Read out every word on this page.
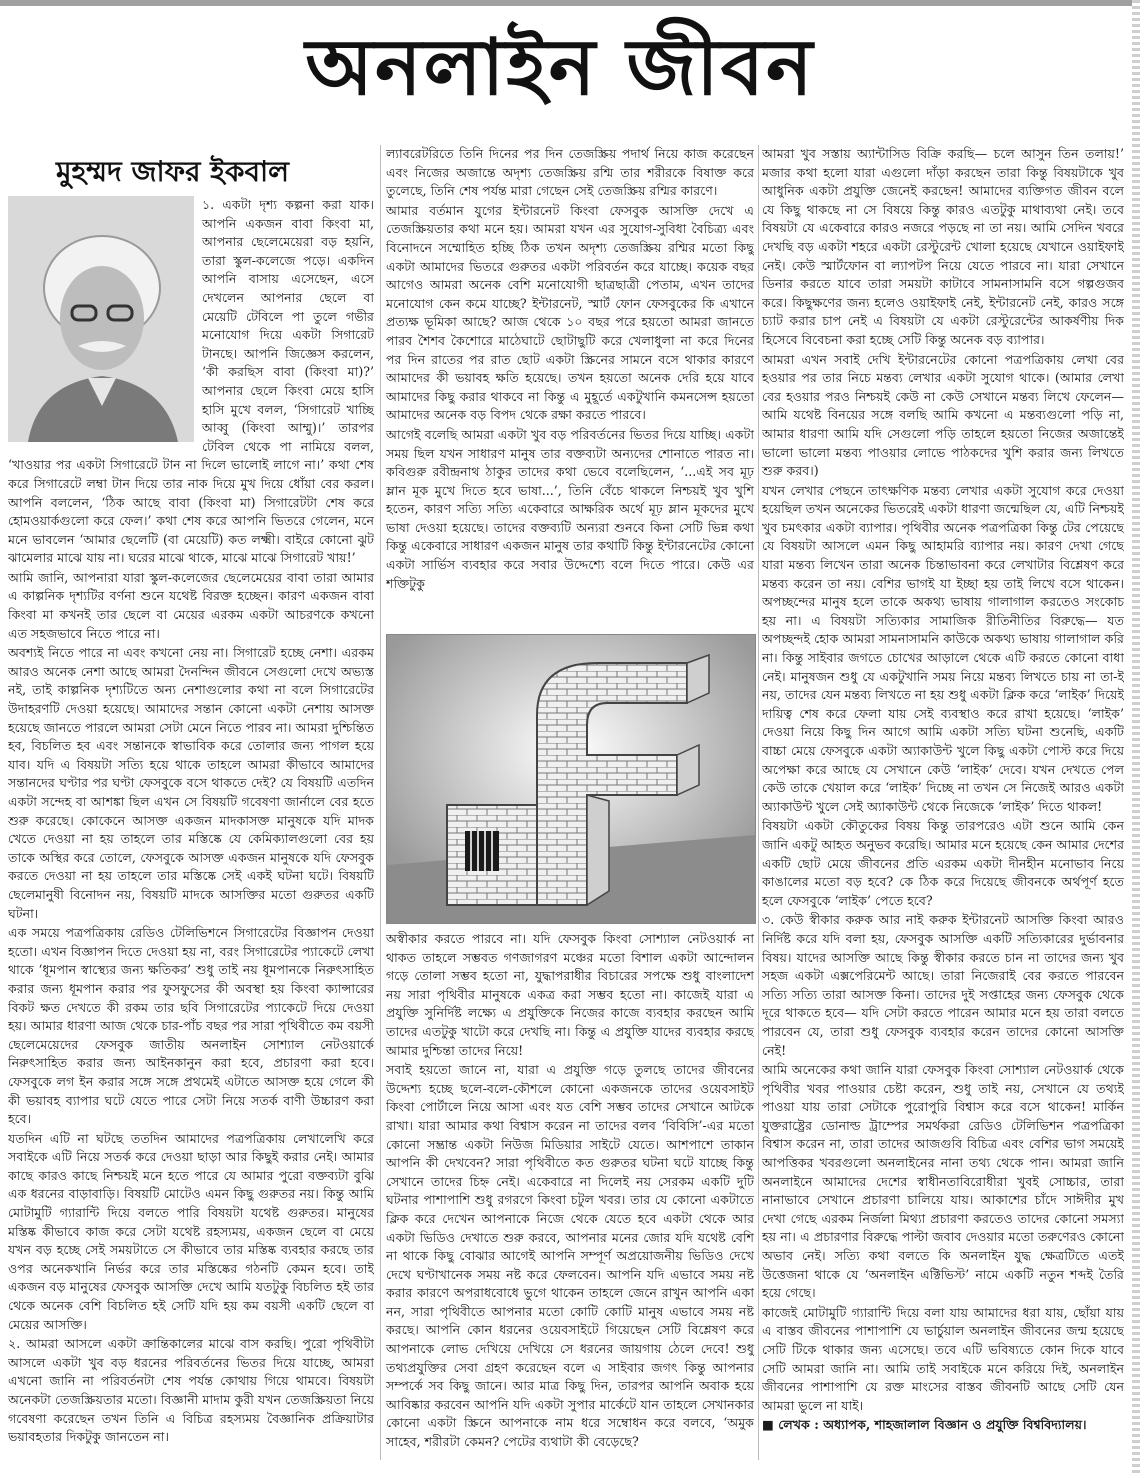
অনলাইন জীবন
মুহম্মদ জাফর ইকবাল

১. একটা দৃশ্য কল্পনা করা যাক। আপনি একজন বাবা কিংবা মা, আপনার ছেলেমেয়েরা বড় হয়নি, তারা স্কুল-কলেজে পড়ে। একদিন আপনি বাসায় এসেছেন, এসে দেখলেন আপনার ছেলে বা মেয়েটি টেবিলে পা তুলে গভীর মনোযোগ দিয়ে একটা সিগারেট টানছে। আপনি জিজ্ঞেস করলেন, ‘কী করছিস বাবা (কিংবা মা)?’ আপনার ছেলে কিংবা মেয়ে হাসি হাসি মুখে বলল, ‘সিগারেট খাচ্ছি আব্বু (কিংবা আম্মু)।’ তারপর টেবিল থেকে পা নামিয়ে বলল, ‘খাওয়ার পর একটা সিগারেটে টান না দিলে ভালোই লাগে না।’ কথা শেষ করে সিগারেটে লম্বা টান দিয়ে তার নাক দিয়ে মুখ দিয়ে ধোঁয়া বের করল। আপনি বললেন, ‘ঠিক আছে বাবা (কিংবা মা) সিগারেটটা শেষ করে হোমওয়ার্কগুলো করে ফেল।’ কথা শেষ করে আপনি ভিতরে গেলেন, মনে মনে ভাবলেন ‘আমার ছেলেটি (বা মেয়েটি) কত লক্ষ্মী। বাইরে কোনো ঝুট ঝামেলার মাঝে যায় না। ঘরের মাঝে থাকে, মাঝে মাঝে সিগারেট খায়!’

আমি জানি, আপনারা যারা স্কুল-কলেজের ছেলেমেয়ের বাবা তারা আমার এ কাল্পনিক দৃশ্যটির বর্ণনা শুনে যথেষ্ট বিরক্ত হচ্ছেন। কারণ একজন বাবা কিংবা মা কখনই তার ছেলে বা মেয়ের এরকম একটা আচরণকে কখনো এত সহজভাবে নিতে পারে না।

অবশ্যই নিতে পারে না এবং কখনো নেয় না। সিগারেট হচ্ছে নেশা। এরকম আরও অনেক নেশা আছে আমরা দৈনন্দিন জীবনে সেগুলো দেখে অভ্যস্ত নই, তাই কাল্পনিক দৃশ্যটিতে অন্য নেশাগুলোর কথা না বলে সিগারেটের উদাহরণটি দেওয়া হয়েছে। আমাদের সন্তান কোনো একটা নেশায় আসক্ত হয়েছে জানতে পারলে আমরা সেটা মেনে নিতে পারব না। আমরা দুশ্চিন্তিত হব, বিচলিত হব এবং সন্তানকে স্বাভাবিক করে তোলার জন্য পাগল হয়ে যাব। যদি এ বিষয়টা সত্যি হয়ে থাকে তাহলে আমরা কীভাবে আমাদের সন্তানদের ঘণ্টার পর ঘণ্টা ফেসবুকে বসে থাকতে দেই? যে বিষয়টি এতদিন একটা সন্দেহ বা আশঙ্কা ছিল এখন সে বিষয়টি গবেষণা জার্নালে বের হতে শুরু করেছে। কোকেনে আসক্ত একজন মাদকাসক্ত মানুষকে যদি মাদক খেতে দেওয়া না হয় তাহলে তার মস্তিষ্কে যে কেমিক্যালগুলো বের হয় তাকে অস্থির করে তোলে, ফেসবুকে আসক্ত একজন মানুষকে যদি ফেসবুক করতে দেওয়া না হয় তাহলে তার মস্তিষ্কে সেই একই ঘটনা ঘটে। বিষয়টি ছেলেমানুষী বিনোদন নয়, বিষয়টি মাদকে আসক্তির মতো গুরুতর একটি ঘটনা।

এক সময়ে পত্রপত্রিকায় রেডিও টেলিভিশনে সিগারেটের বিজ্ঞাপন দেওয়া হতো। এখন বিজ্ঞাপন দিতে দেওয়া হয় না, বরং সিগারেটের প্যাকেটে লেখা থাকে ‘ধূমপান স্বাস্থ্যের জন্য ক্ষতিকর’ শুধু তাই নয় ধূমপানকে নিরুৎসাহিত করার জন্য ধূমপান করার পর ফুসফুসের কী অবস্থা হয় কিংবা ক্যান্সারের বিকট ক্ষত দেখতে কী রকম তার ছবি সিগারেটের প্যাকেটে দিয়ে দেওয়া হয়। আমার ধারণা আজ থেকে চার-পাঁচ বছর পর সারা পৃথিবীতে কম বয়সী ছেলেমেয়েদের ফেসবুক জাতীয় অনলাইন সোশ্যাল নেটওয়ার্কে নিরুৎসাহিত করার জন্য আইনকানুন করা হবে, প্রচারণা করা হবে। ফেসবুকে লগ ইন করার সঙ্গে সঙ্গে প্রথমেই এটাতে আসক্ত হয়ে গেলে কী কী ভয়াবহ ব্যাপার ঘটে যেতে পারে সেটা নিয়ে সতর্ক বাণী উচ্চারণ করা হবে।

যতদিন এটি না ঘটছে ততদিন আমাদের পত্রপত্রিকায় লেখালেখি করে সবাইকে এটি নিয়ে সতর্ক করে দেওয়া ছাড়া আর কিছুই করার নেই। আমার কাছে কারও কাছে নিশ্চয়ই মনে হতে পারে যে আমার পুরো বক্তব্যটা বুঝি এক ধরনের বাড়াবাড়ি। বিষয়টি মোটেও এমন কিছু গুরুতর নয়। কিন্তু আমি মোটামুটি গ্যারান্টি দিয়ে বলতে পারি বিষয়টা যথেষ্ট গুরুতর। মানুষের মস্তিষ্ক কীভাবে কাজ করে সেটা যথেষ্ট রহস্যময়, একজন ছেলে বা মেয়ে যখন বড় হচ্ছে সেই সময়টাতে সে কীভাবে তার মস্তিষ্ক ব্যবহার করছে তার ওপর অনেকখানি নির্ভর করে তার মস্তিষ্কের গঠনটি কেমন হবে। তাই একজন বড় মানুষের ফেসবুক আসক্তি দেখে আমি যতটুকু বিচলিত হই তার থেকে অনেক বেশি বিচলিত হই সেটি যদি হয় কম বয়সী একটি ছেলে বা মেয়ের আসক্তি।

২. আমরা আসলে একটা ক্রান্তিকালের মাঝে বাস করছি। পুরো পৃথিবীটা আসলে একটা খুব বড় ধরনের পরিবর্তনের ভিতর দিয়ে যাচ্ছে, আমরা এখনো জানি না পরিবর্তনটা শেষ পর্যন্ত কোথায় গিয়ে থামবে। বিষয়টা অনেকটা তেজস্ক্রিয়তার মতো। বিজ্ঞানী মাদাম কুরী যখন তেজস্ক্রিয়তা নিয়ে গবেষণা করেছেন তখন তিনি এ বিচিত্র রহস্যময় বৈজ্ঞানিক প্রক্রিয়াটার ভয়াবহতার দিকটুকু জানতেন না।

ল্যাবরেটরিতে তিনি দিনের পর দিন তেজস্ক্রিয় পদার্থ নিয়ে কাজ করেছেন এবং নিজের অজান্তে অদৃশ্য তেজস্ক্রিয় রশ্মি তার শরীরকে বিষাক্ত করে তুলেছে, তিনি শেষ পর্যন্ত মারা গেছেন সেই তেজস্ক্রিয় রশ্মির কারণে।

আমার বর্তমান যুগের ইন্টারনেট কিংবা ফেসবুক আসক্তি দেখে এ তেজস্ক্রিয়তার কথা মনে হয়। আমরা যখন এর সুযোগ-সুবিধা বৈচিত্র্য এবং বিনোদনে সম্মোহিত হচ্ছি ঠিক তখন অদৃশ্য তেজস্ক্রিয় রশ্মির মতো কিছু একটা আমাদের ভিতরে গুরুতর একটা পরিবর্তন করে যাচ্ছে। কয়েক বছর আগেও আমরা অনেক বেশি মনোযোগী ছাত্রছাত্রী পেতাম, এখন তাদের মনোযোগ কেন কমে যাচ্ছে? ইন্টারনেট, স্মার্ট ফোন ফেসবুকের কি এখানে প্রত্যক্ষ ভূমিকা আছে? আজ থেকে ১০ বছর পরে হয়তো আমরা জানতে পারব শৈশব কৈশোরে মাঠেঘাটে ছোটাছুটি করে খেলাধুলা না করে দিনের পর দিন রাতের পর রাত ছোট একটা স্ক্রিনের সামনে বসে থাকার কারণে আমাদের কী ভয়াবহ ক্ষতি হয়েছে। তখন হয়তো অনেক দেরি হয়ে যাবে আমাদের কিছু করার থাকবে না কিন্তু এ মুহূর্তে একটুখানি কমনসেন্স হয়তো আমাদের অনেক বড় বিপদ থেকে রক্ষা করতে পারবে।

আগেই বলেছি আমরা একটা খুব বড় পরিবর্তনের ভিতর দিয়ে যাচ্ছি। একটা সময় ছিল যখন সাধারণ মানুষ তার বক্তব্যটা অন্যদের শোনাতে পারত না। কবিগুরু রবীন্দ্রনাথ ঠাকুর তাদের কথা ভেবে বলেছিলেন, ‘...এই সব মূঢ় ম্লান মূক মুখে দিতে হবে ভাষা...’, তিনি বেঁচে থাকলে নিশ্চয়ই খুব খুশি হতেন, কারণ সত্যি সত্যি একেবারে আক্ষরিক অর্থে মূঢ় ম্লান মূকদের মুখে ভাষা দেওয়া হয়েছে। তাদের বক্তব্যটি অন্যরা শুনবে কিনা সেটি ভিন্ন কথা কিন্তু একেবারে সাধারণ একজন মানুষ তার কথাটি কিন্তু ইন্টারনেটের কোনো একটা সার্ভিস ব্যবহার করে সবার উদ্দেশ্যে বলে দিতে পারে। কেউ এর শক্তিটুকু

অস্বীকার করতে পারবে না। যদি ফেসবুক কিংবা সোশ্যাল নেটওয়ার্ক না থাকত তাহলে সম্ভবত গণজাগরণ মঞ্চের মতো বিশাল একটা আন্দোলন গড়ে তোলা সম্ভব হতো না, যুদ্ধাপরাধীর বিচারের সপক্ষে শুধু বাংলাদেশ নয় সারা পৃথিবীর মানুষকে একত্র করা সম্ভব হতো না। কাজেই যারা এ প্রযুক্তি সুনির্দিষ্ট লক্ষ্যে এ প্রযুক্তিকে নিজের কাজে ব্যবহার করছেন আমি তাদের এতটুকু খাটো করে দেখছি না। কিন্তু এ প্রযুক্তি যাদের ব্যবহার করছে আমার দুশ্চিন্তা তাদের নিয়ে!

সবাই হয়তো জানে না, যারা এ প্রযুক্তি গড়ে তুলছে তাদের জীবনের উদ্দেশ্য হচ্ছে ছলে-বলে-কৌশলে কোনো একজনকে তাদের ওয়েবসাইট কিংবা পোর্টালে নিয়ে আসা এবং যত বেশি সম্ভব তাদের সেখানে আটকে রাখা। যারা আমার কথা বিশ্বাস করেন না তাদের বলব ‘বিবিসি’-এর মতো কোনো সম্ভ্রান্ত একটা নিউজ মিডিয়ার সাইটে যেতে। আশপাশে তাকান আপনি কী দেখবেন? সারা পৃথিবীতে কত গুরুতর ঘটনা ঘটে যাচ্ছে কিন্তু সেখানে তাদের চিহ্ন নেই। একেবারে না দিলেই নয় সেরকম একটি দুটি ঘটনার পাশাপাশি শুধু রগরগে কিংবা চটুল খবর। তার যে কোনো একটাতে ক্লিক করে দেখেন আপনাকে নিজে থেকে যেতে হবে একটা থেকে আর একটা ভিডিও দেখাতে শুরু করবে, আপনার মনের জোর যদি যথেষ্ট বেশি না থাকে কিছু বোঝার আগেই আপনি সম্পূর্ণ অপ্রয়োজনীয় ভিডিও দেখে দেখে ঘণ্টাখানেক সময় নষ্ট করে ফেলবেন। আপনি যদি এভাবে সময় নষ্ট করার কারণে অপরাধবোধে ভুগে থাকেন তাহলে জেনে রাখুন আপনি একা নন, সারা পৃথিবীতে আপনার মতো কোটি কোটি মানুষ এভাবে সময় নষ্ট করছে। আপনি কোন ধরনের ওয়েবসাইটে গিয়েছেন সেটি বিশ্লেষণ করে আপনাকে লোভ দেখিয়ে দেখিয়ে সে ধরনের জায়গায় ঠেলে দেবে! শুধু তথ্যপ্রযুক্তির সেবা গ্রহণ করেছেন বলে এ সাইবার জগৎ কিন্তু আপনার সম্পর্কে সব কিছু জানে। আর মাত্র কিছু দিন, তারপর আপনি অবাক হয়ে আবিষ্কার করবেন আপনি যদি একটা সুপার মার্কেটে যান তাহলে সেখানকার কোনো একটা স্ক্রিনে আপনাকে নাম ধরে সম্বোধন করে বলবে, ‘অমুক সাহেব, শরীরটা কেমন? পেটের ব্যথাটা কী বেড়েছে?

আমরা খুব সস্তায় অ্যান্টাসিড বিক্রি করছি— চলে আসুন তিন তলায়!’ মজার কথা হলো যারা এগুলো দাঁড়া করছেন তারা কিন্তু বিষয়টাকে খুব আধুনিক একটা প্রযুক্তি জেনেই করছেন! আমাদের ব্যক্তিগত জীবন বলে যে কিছু থাকছে না সে বিষয়ে কিন্তু কারও এতটুকু মাথাব্যথা নেই। তবে বিষয়টা যে একেবারে কারও নজরে পড়ছে না তা নয়। আমি সেদিন খবরে দেখছি বড় একটা শহরে একটা রেস্টুরেন্ট খোলা হয়েছে যেখানে ওয়াইফাই নেই। কেউ স্মার্টফোন বা ল্যাপটপ নিয়ে যেতে পারবে না। যারা সেখানে ডিনার করতে যাবে তারা সময়টা কাটাবে সামনাসামনি বসে গল্পগুজব করে। কিছুক্ষণের জন্য হলেও ওয়াইফাই নেই, ইন্টারনেট নেই, কারও সঙ্গে চ্যাট করার চাপ নেই এ বিষয়টা যে একটা রেস্টুরেন্টের আকর্ষণীয় দিক হিসেবে বিবেচনা করা হচ্ছে সেটি কিন্তু অনেক বড় ব্যাপার।

আমরা এখন সবাই দেখি ইন্টারনেটের কোনো পত্রপত্রিকায় লেখা বের হওয়ার পর তার নিচে মন্তব্য লেখার একটা সুযোগ থাকে। (আমার লেখা বের হওয়ার পরও নিশ্চয়ই কেউ না কেউ সেখানে মন্তব্য লিখে ফেলেন— আমি যথেষ্ট বিনয়ের সঙ্গে বলছি আমি কখনো এ মন্তব্যগুলো পড়ি না, আমার ধারণা আমি যদি সেগুলো পড়ি তাহলে হয়তো নিজের অজান্তেই ভালো ভালো মন্তব্য পাওয়ার লোভে পাঠকদের খুশি করার জন্য লিখতে শুরু করব।)

যখন লেখার পেছনে তাৎক্ষণিক মন্তব্য লেখার একটা সুযোগ করে দেওয়া হয়েছিল তখন অনেকের ভিতরেই একটা ধারণা জন্মেছিল যে, এটি নিশ্চয়ই খুব চমৎকার একটা ব্যাপার। পৃথিবীর অনেক পত্রপত্রিকা কিন্তু টের পেয়েছে যে বিষয়টা আসলে এমন কিছু আহামরি ব্যাপার নয়। কারণ দেখা গেছে যারা মন্তব্য লিখেন তারা অনেক চিন্তাভাবনা করে লেখাটার বিশ্লেষণ করে মন্তব্য করেন তা নয়। বেশির ভাগই যা ইচ্ছা হয় তাই লিখে বসে থাকেন। অপচ্ছন্দের মানুষ হলে তাকে অকথ্য ভাষায় গালাগাল করতেও সংকোচ হয় না। এ বিষয়টা সত্যিকার সামাজিক রীতিনীতির বিরুদ্ধে— যত অপচ্ছন্দই হোক আমরা সামনাসামনি কাউকে অকথ্য ভাষায় গালাগাল করি না। কিন্তু সাইবার জগতে চোখের আড়ালে থেকে এটি করতে কোনো বাধা নেই। মানুষজন শুধু যে একটুখানি সময় নিয়ে মন্তব্য লিখতে চায় না তা-ই নয়, তাদের যেন মন্তব্য লিখতে না হয় শুধু একটা ক্লিক করে ‘লাইক’ দিয়েই দায়িত্ব শেষ করে ফেলা যায় সেই ব্যবস্থাও করে রাখা হয়েছে। ‘লাইক’ দেওয়া নিয়ে কিছু দিন আগে আমি একটা সত্যি ঘটনা শুনেছি, একটি বাচ্চা মেয়ে ফেসবুকে একটা অ্যাকাউন্ট খুলে কিছু একটা পোস্ট করে দিয়ে অপেক্ষা করে আছে যে সেখানে কেউ ‘লাইক’ দেবে। যখন দেখতে পেল কেউ তাকে খেয়াল করে ‘লাইক’ দিচ্ছে না তখন সে নিজেই আরও একটা অ্যাকাউন্ট খুলে সেই অ্যাকাউন্ট থেকে নিজেকে ‘লাইক’ দিতে থাকল!

বিষয়টা একটা কৌতুকের বিষয় কিন্তু তারপরেও এটা শুনে আমি কেন জানি একটু আহত অনুভব করেছি। আমার মনে হয়েছে কেন আমার দেশের একটি ছোট মেয়ে জীবনের প্রতি এরকম একটা দীনহীন মনোভাব নিয়ে কাঙালের মতো বড় হবে? কে ঠিক করে দিয়েছে জীবনকে অর্থপূর্ণ হতে হলে ফেসবুকে ‘লাইক’ পেতে হবে?

৩. কেউ স্বীকার করুক আর নাই করুক ইন্টারনেট আসক্তি কিংবা আরও নির্দিষ্ট করে যদি বলা হয়, ফেসবুক আসক্তি একটি সত্যিকারের দুর্ভাবনার বিষয়। যাদের আসক্তি আছে কিন্তু স্বীকার করতে চান না তাদের জন্য খুব সহজ একটা এক্সপেরিমেন্ট আছে। তারা নিজেরাই বের করতে পারবেন সত্যি সত্যি তারা আসক্ত কিনা। তাদের দুই সপ্তাহের জন্য ফেসবুক থেকে দূরে থাকতে হবে— যদি সেটা করতে পারেন আমার মনে হয় তারা বলতে পারবেন যে, তারা শুধু ফেসবুক ব্যবহার করেন তাদের কোনো আসক্তি নেই!

আমি অনেকের কথা জানি যারা ফেসবুক কিংবা সোশ্যাল নেটওয়ার্ক থেকে পৃথিবীর খবর পাওয়ার চেষ্টা করেন, শুধু তাই নয়, সেখানে যে তথ্যই পাওয়া যায় তারা সেটাকে পুরোপুরি বিশ্বাস করে বসে থাকেন! মার্কিন যুক্তরাষ্ট্রের ডোনাল্ড ট্রাম্পের সমর্থকরা রেডিও টেলিভিশন পত্রপত্রিকা বিশ্বাস করেন না, তারা তাদের আজগুবি বিচিত্র এবং বেশির ভাগ সময়েই আপত্তিকর খবরগুলো অনলাইনের নানা তথ্য থেকে পান। আমরা জানি অনলাইনে আমাদের দেশের স্বাধীনতাবিরোধীরা খুবই সোচ্চার, তারা নানাভাবে সেখানে প্রচারণা চালিয়ে যায়। আকাশের চাঁদে সাঈদীর মুখ দেখা গেছে এরকম নির্জলা মিথ্যা প্রচারণা করতেও তাদের কোনো সমস্যা হয় না। এ প্রচারণার বিরুদ্ধে পাল্টা জবাব দেওয়ার মতো তরুণেরও কোনো অভাব নেই। সত্যি কথা বলতে কি অনলাইন যুদ্ধ ক্ষেত্রটিতে এতই উত্তেজনা থাকে যে ‘অনলাইন এক্টিভিস্ট’ নামে একটি নতুন শব্দই তৈরি হয়ে গেছে।

কাজেই মোটামুটি গ্যারান্টি দিয়ে বলা যায় আমাদের ধরা যায়, ছোঁয়া যায় এ বাস্তব জীবনের পাশাপাশি যে ভার্চুয়াল অনলাইন জীবনের জন্ম হয়েছে সেটি টিকে থাকার জন্য এসেছে। তবে এটি ভবিষ্যতে কোন দিকে যাবে সেটি আমরা জানি না। আমি তাই সবাইকে মনে করিয়ে দিই, অনলাইন জীবনের পাশাপাশি যে রক্ত মাংসের বাস্তব জীবনটি আছে সেটি যেন আমরা ভুলে না যাই।

■ লেখক : অধ্যাপক, শাহজালাল বিজ্ঞান ও প্রযুক্তি বিশ্ববিদ্যালয়।
